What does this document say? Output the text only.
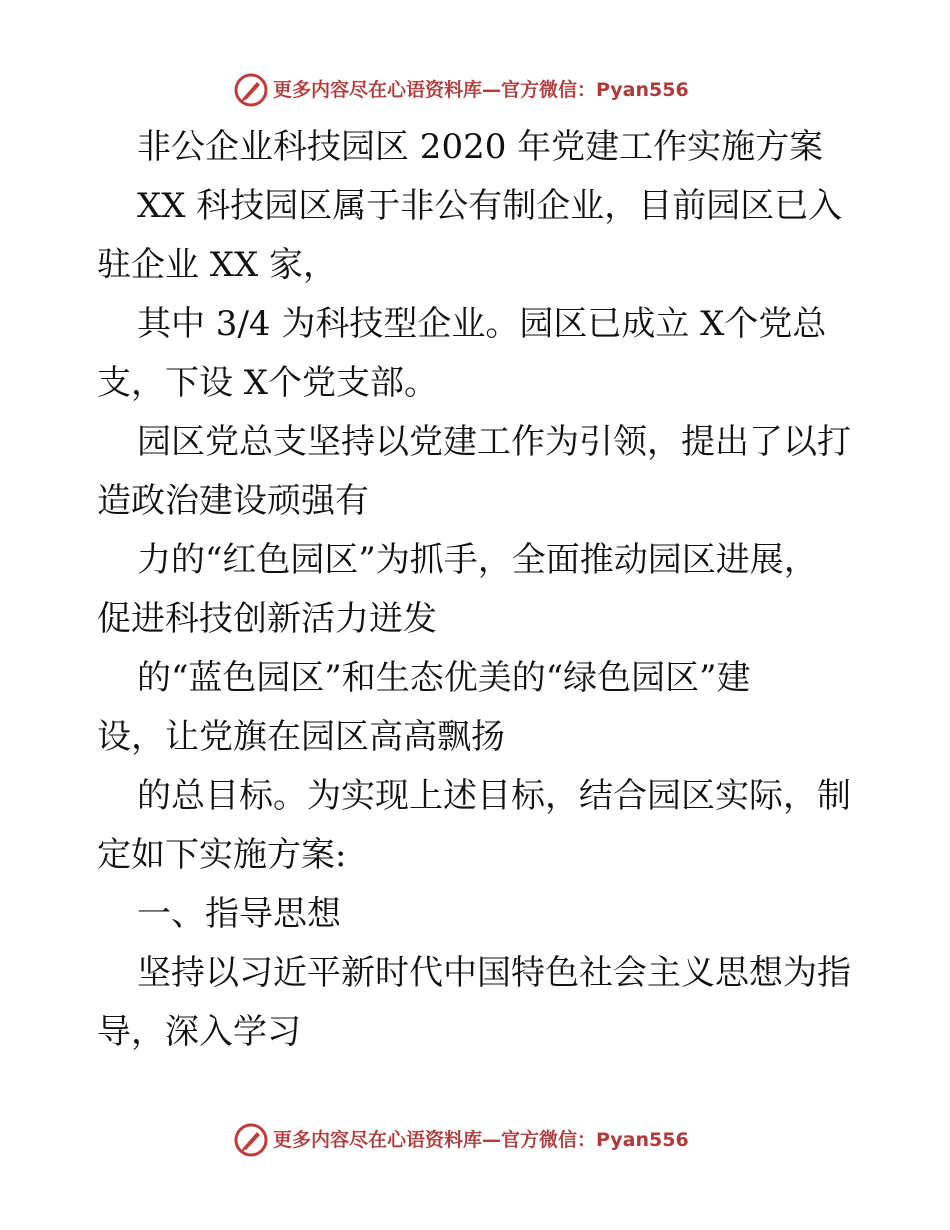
更多内容尽在心语资料库—官方微信：Pyan556
非公企业科技园区 2020 年党建工作实施方案
XX 科技园区属于非公有制企业，目前园区已入
驻企业 XX 家，
其中 3/4 为科技型企业。园区已成立 X个党总
支，下设 X个党支部。
园区党总支坚持以党建工作为引领，提出了以打
造政治建设顽强有
力的“红色园区”为抓手，全面推动园区进展，
促进科技创新活力迸发
的“蓝色园区”和生态优美的“绿色园区”建
设，让党旗在园区高高飘扬
的总目标。为实现上述目标，结合园区实际，制
定如下实施方案:
一、指导思想
坚持以习近平新时代中国特色社会主义思想为指
导，深入学习
更多内容尽在心语资料库—官方微信：Pyan556
